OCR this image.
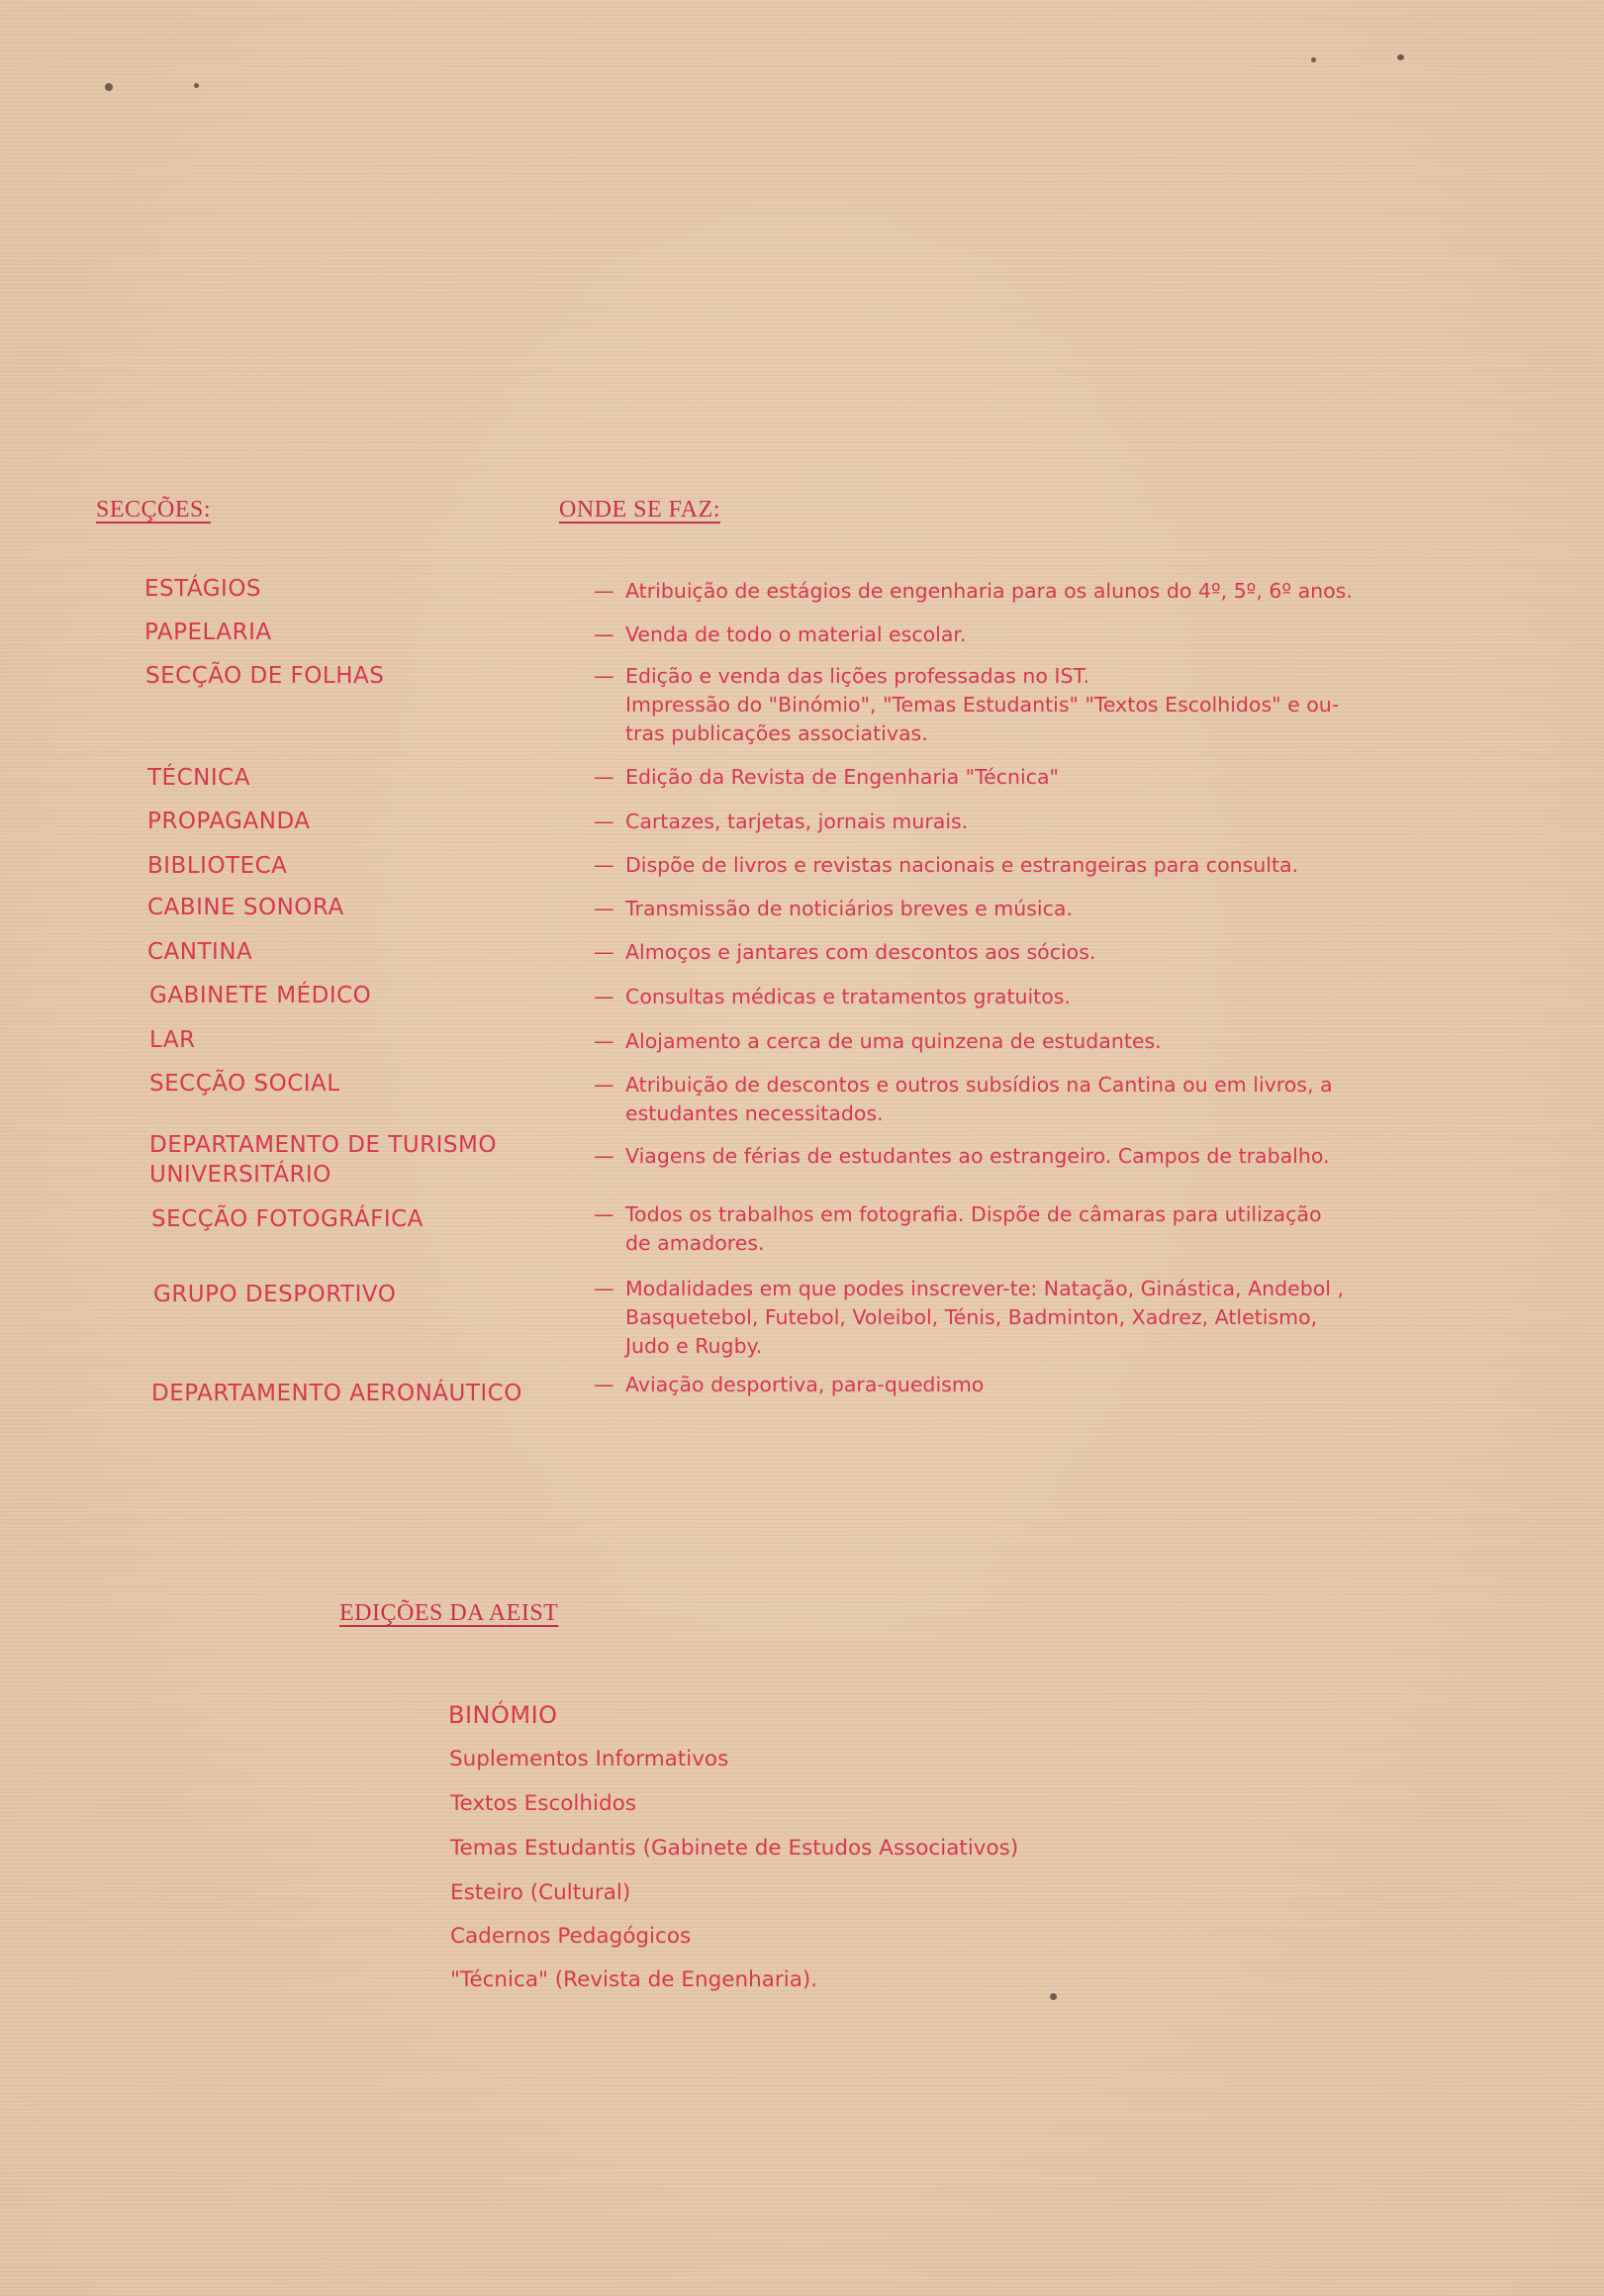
SECÇÕES:	ONDE SE FAZ:
ESTÁGIOS
PAPELARIA
SECÇÃO DE FOLHAS
TÉCNICA
PROPAGANDA
BIBLIOTECA
CABINE SONORA
CANTINA
GABINETE MÉDICO
LAR
SECÇÃO SOCIAL
DEPARTAMENTO DE TURISMO
UNIVERSITÁRIO
SECÇÃO FOTOGRÁFICA
GRUPO DESPORTIVO
DEPARTAMENTO AERONÁUTICO
— Atribuição de estágios de engenharia para os alunos do 4º, 5º, 6º anos.
— Venda de todo o material escolar.
— Edição e venda das lições professadas no IST.
Impressão do "Binómio", "Temas Estudantis" "Textos Escolhidos" e ou-
tras publicações associativas.
— Edição da Revista de Engenharia "Técnica"
— Cartazes, tarjetas, jornais murais.
— Dispõe de livros e revistas nacionais e estrangeiras para consulta.
— Transmissão de noticiários breves e música.
— Almoços e jantares com descontos aos sócios.
— Consultas médicas e tratamentos gratuitos.
— Alojamento a cerca de uma quinzena de estudantes.
— Atribuição de descontos e outros subsídios na Cantina ou em livros, a
estudantes necessitados.
— Viagens de férias de estudantes ao estrangeiro. Campos de trabalho.
— Todos os trabalhos em fotografia. Dispõe de câmaras para utilização
de amadores.
— Modalidades em que podes inscrever-te: Natação, Ginástica, Andebol ,
Basquetebol, Futebol, Voleibol, Ténis, Badminton, Xadrez, Atletismo,
Judo e Rugby.
— Aviação desportiva, para-quedismo
EDIÇÕES DA AEIST
BINÓMIO
Suplementos Informativos
Textos Escolhidos
Temas Estudantis (Gabinete de Estudos Associativos)
Esteiro (Cultural)
Cadernos Pedagógicos
"Técnica" (Revista de Engenharia).
